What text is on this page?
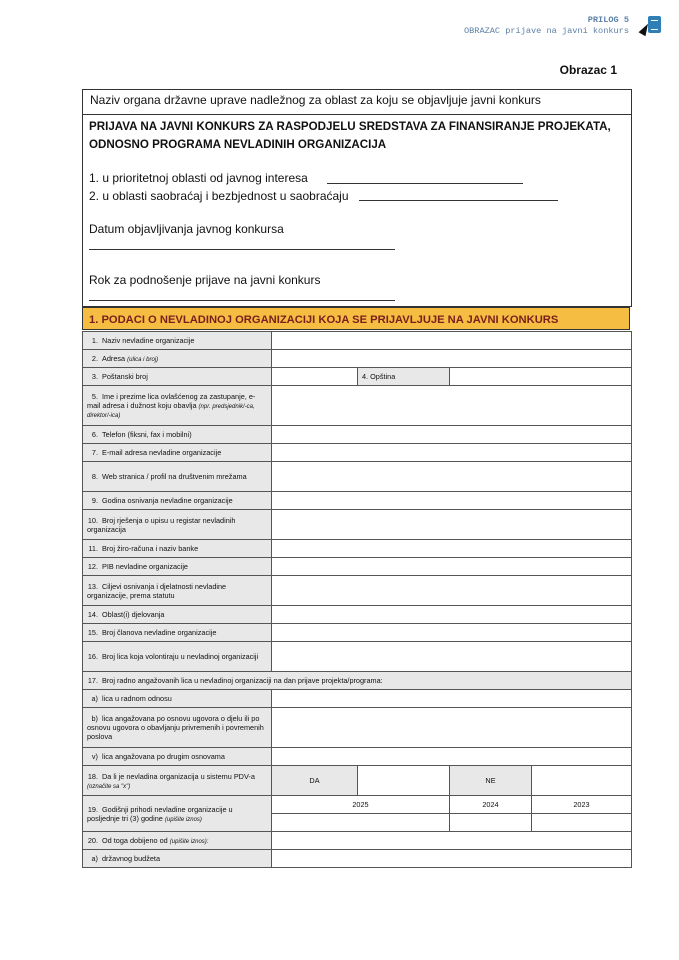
PRILOG 5
OBRAZAC prijave na javni konkurs
Obrazac 1
Naziv organa državne uprave nadležnog za oblast za koju se objavljuje javni konkurs
PRIJAVA NA JAVNI KONKURS ZA RASPODJELU SREDSTAVA ZA FINANSIRANJE PROJEKATA,
ODNOSNO PROGRAMA NEVLADINIH ORGANIZACIJA
1. u prioritetnoj oblasti od javnog interesa
2. u oblasti saobraćaj i bezbjednost u saobraćaju
Datum objavljivanja javnog konkursa
Rok za podnošenje prijave na javni konkurs
1. PODACI O NEVLADINOJ ORGANIZACIJI KOJA SE PRIJAVLJUJE NA JAVNI KONKURS
1. Naziv nevladine organizacije				
2. Adresa (ulica i broj)				
3. Poštanski broj		4. Opština		
5. Ime i prezime lica ovlašćenog za zastupanje, e-mail adresa i dužnost koju obavlja (npr. predsjednik/-ca, direktor/-ica)				
6. Telefon (fiksni, fax i mobilni)				
7. E-mail adresa nevladine organizacije				
8. Web stranica / profil na društvenim mrežama				
9. Godina osnivanja nevladine organizacije				
10. Broj rješenja o upisu u registar nevladinih organizacija				
11. Broj žiro-računa i naziv banke				
12. PIB nevladine organizacije				
13. Ciljevi osnivanja i djelatnosti nevladine organizacije, prema statutu				
14. Oblast(i) djelovanja				
15. Broj članova nevladine organizacije				
16. Broj lica koja volontiraju u nevladinoj organizaciji				
17. Broj radno angažovanih lica u nevladinoj organizaciji na dan prijave projekta/programa:				
a) lica u radnom odnosu				
b) lica angažovana po osnovu ugovora o djelu ili po osnovu ugovora o obavljanju privremenih i povremenih poslova				
v) lica angažovana po drugim osnovama				
18. Da li je nevladina organizacija u sistemu PDV-a (označite sa "x")	DA		NE	
19. Godišnji prihodi nevladine organizacije u posljednje tri (3) godine (upišite iznos)	2025		2024	2023

20. Od toga dobijeno od (upišite iznos):				
a) državnog budžeta				
